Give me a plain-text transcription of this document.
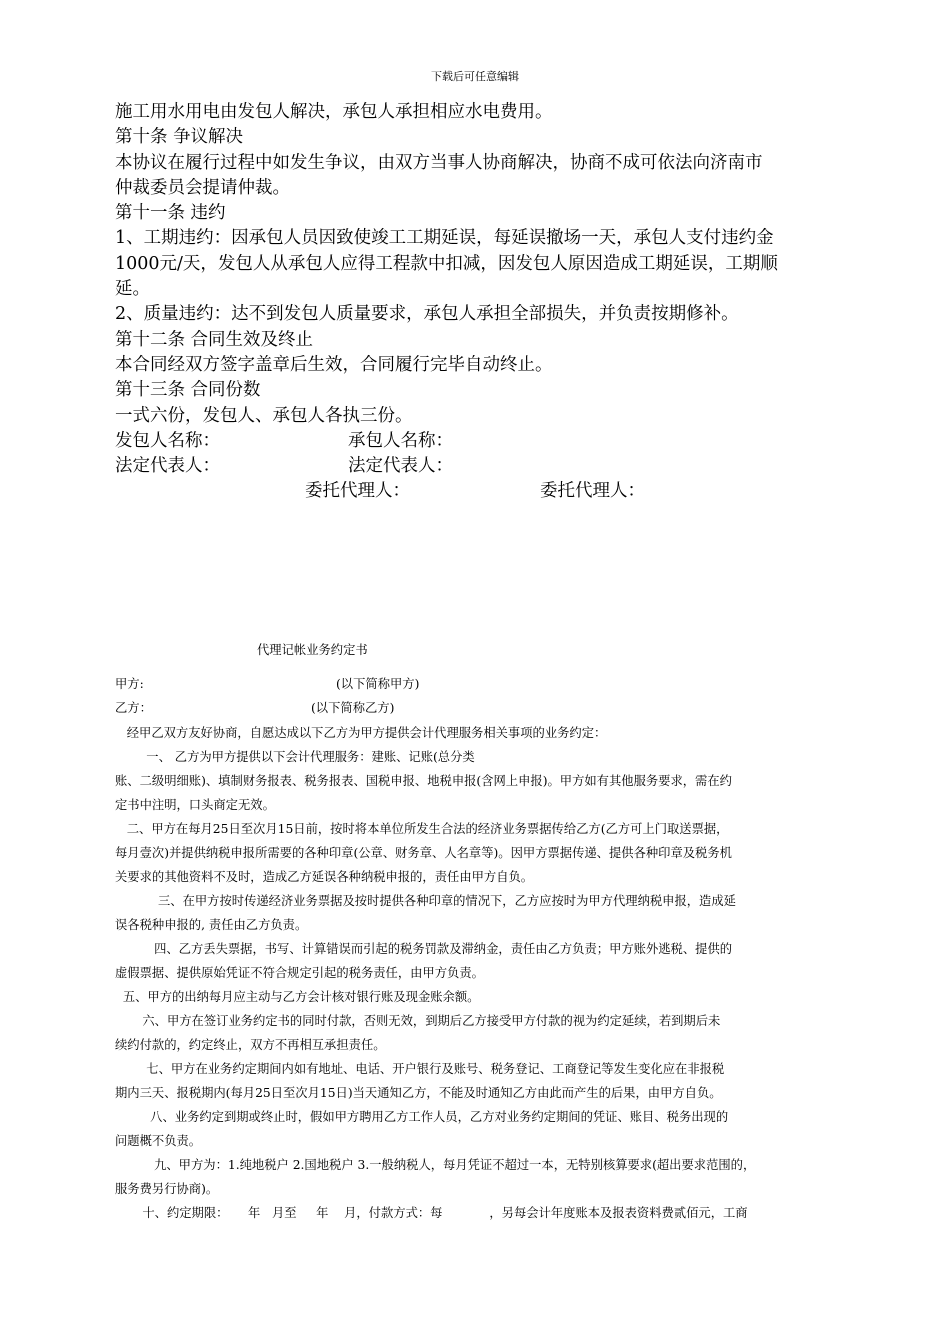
下载后可任意编辑

施工用水用电由发包人解决，承包人承担相应水电费用。

第十条 争议解决

本协议在履行过程中如发生争议，由双方当事人协商解决，协商不成可依法向济南市

仲裁委员会提请仲裁。

第十一条 违约

1、工期违约：因承包人员因致使竣工工期延误，每延误撤场一天，承包人支付违约金

1000元/天，发包人从承包人应得工程款中扣减，因发包人原因造成工期延误，工期顺

延。

2、质量违约：达不到发包人质量要求，承包人承担全部损失，并负责按期修补。

第十二条 合同生效及终止

本合同经双方签字盖章后生效，合同履行完毕自动终止。

第十三条 合同份数

一式六份，发包人、承包人各执三份。

发包人名称：	承包人名称：
法定代表人：	法定代表人：
委托代理人：	委托代理人：
代理记帐业务约定书
甲方:	(以下简称甲方)
乙方：	(以下简称乙方)

经甲乙双方友好协商，自愿达成以下乙方为甲方提供会计代理服务相关事项的业务约定：

一、 乙方为甲方提供以下会计代理服务：建账、记账(总分类

账、二级明细账)、填制财务报表、税务报表、国税申报、地税申报(含网上申报)。甲方如有其他服务要求，需在约

定书中注明，口头商定无效。

二、甲方在每月25日至次月15日前，按时将本单位所发生合法的经济业务票据传给乙方(乙方可上门取送票据，

每月壹次)并提供纳税申报所需要的各种印章(公章、财务章、人名章等)。因甲方票据传递、提供各种印章及税务机

关要求的其他资料不及时，造成乙方延误各种纳税申报的，责任由甲方自负。

三、在甲方按时传递经济业务票据及按时提供各种印章的情况下，乙方应按时为甲方代理纳税申报，造成延

误各税种申报的, 责任由乙方负责。

四、乙方丢失票据，书写、计算错误而引起的税务罚款及滞纳金，责任由乙方负责；甲方账外逃税、提供的

虚假票据、提供原始凭证不符合规定引起的税务责任，由甲方负责。

五、甲方的出纳每月应主动与乙方会计核对银行账及现金账余额。

六、甲方在签订业务约定书的同时付款，否则无效，到期后乙方接受甲方付款的视为约定延续，若到期后未

续约付款的，约定终止，双方不再相互承担责任。

七、甲方在业务约定期间内如有地址、电话、开户银行及账号、税务登记、工商登记等发生变化应在非报税

期内三天、报税期内(每月25日至次月15日)当天通知乙方，不能及时通知乙方由此而产生的后果，由甲方自负。

八、业务约定到期或终止时，假如甲方聘用乙方工作人员，乙方对业务约定期间的凭证、账目、税务出现的

问题概不负责。

九、甲方为：1.纯地税户 2.国地税户 3.一般纳税人，每月凭证不超过一本，无特别核算要求(超出要求范围的，

服务费另行协商)。

十、约定期限：     年   月至     年    月，付款方式：每            ，另每会计年度账本及报表资料费贰佰元，工商
